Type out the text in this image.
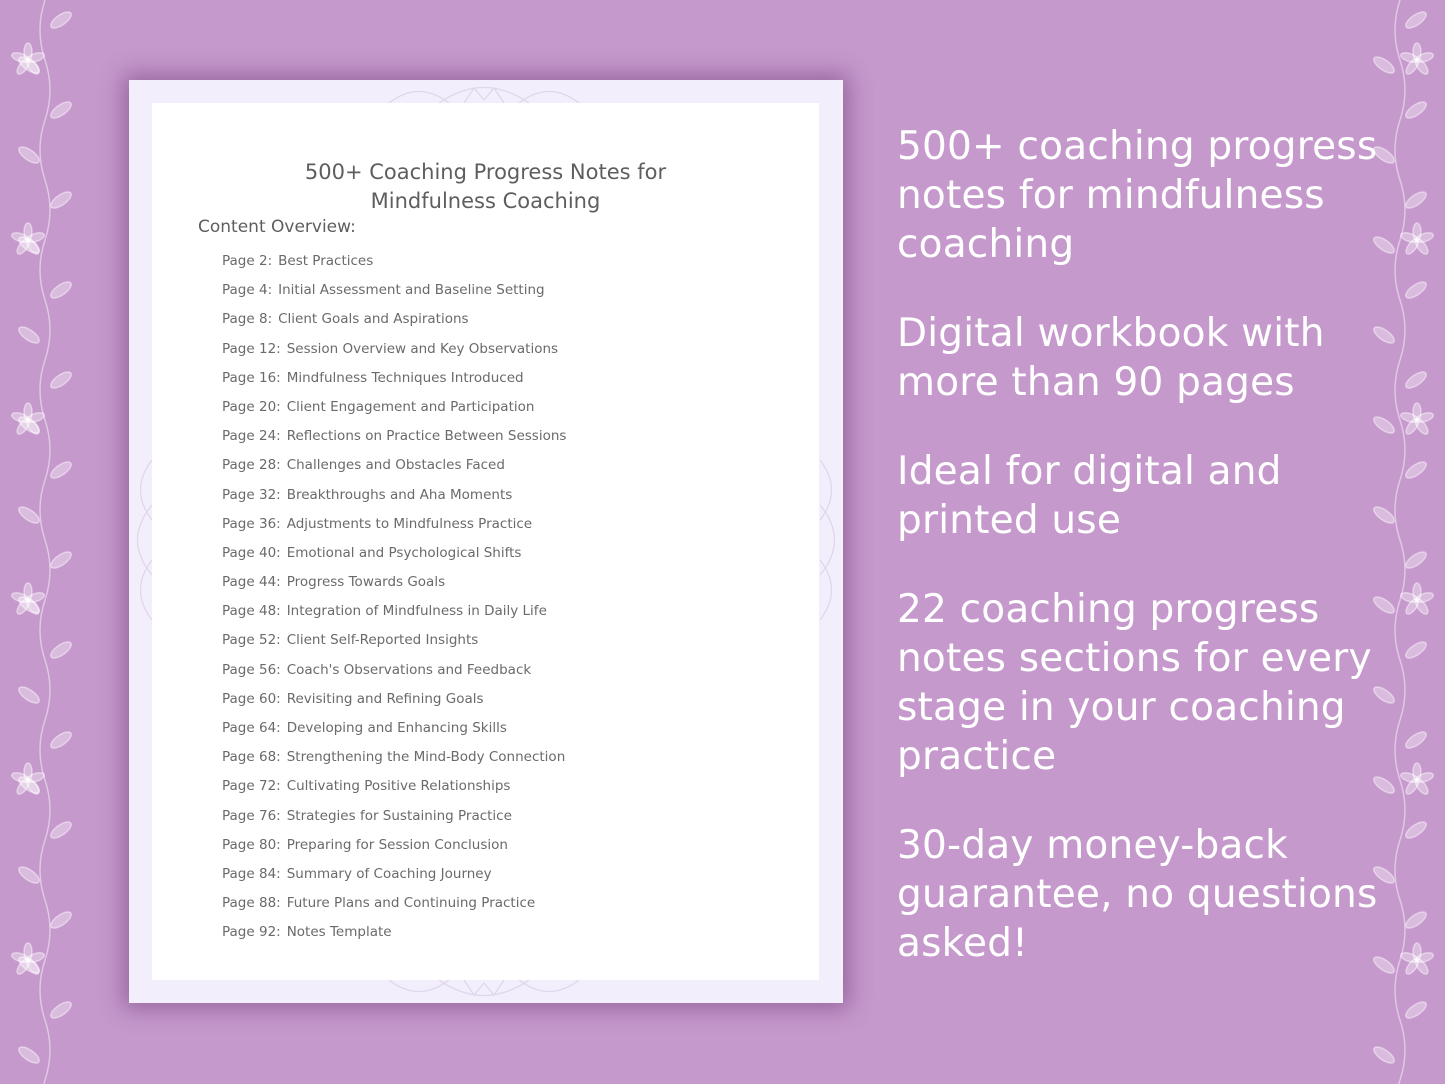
500+ Coaching Progress Notes for
Mindfulness Coaching
Content Overview:
Page 2: Best Practices
Page 4: Initial Assessment and Baseline Setting
Page 8: Client Goals and Aspirations
Page 12: Session Overview and Key Observations
Page 16: Mindfulness Techniques Introduced
Page 20: Client Engagement and Participation
Page 24: Reflections on Practice Between Sessions
Page 28: Challenges and Obstacles Faced
Page 32: Breakthroughs and Aha Moments
Page 36: Adjustments to Mindfulness Practice
Page 40: Emotional and Psychological Shifts
Page 44: Progress Towards Goals
Page 48: Integration of Mindfulness in Daily Life
Page 52: Client Self-Reported Insights
Page 56: Coach's Observations and Feedback
Page 60: Revisiting and Refining Goals
Page 64: Developing and Enhancing Skills
Page 68: Strengthening the Mind-Body Connection
Page 72: Cultivating Positive Relationships
Page 76: Strategies for Sustaining Practice
Page 80: Preparing for Session Conclusion
Page 84: Summary of Coaching Journey
Page 88: Future Plans and Continuing Practice
Page 92: Notes Template
500+ coaching progress notes for mindfulness coaching
Digital workbook with more than 90 pages
Ideal for digital and printed use
22 coaching progress notes sections for every stage in your coaching practice
30-day money-back guarantee, no questions asked!
